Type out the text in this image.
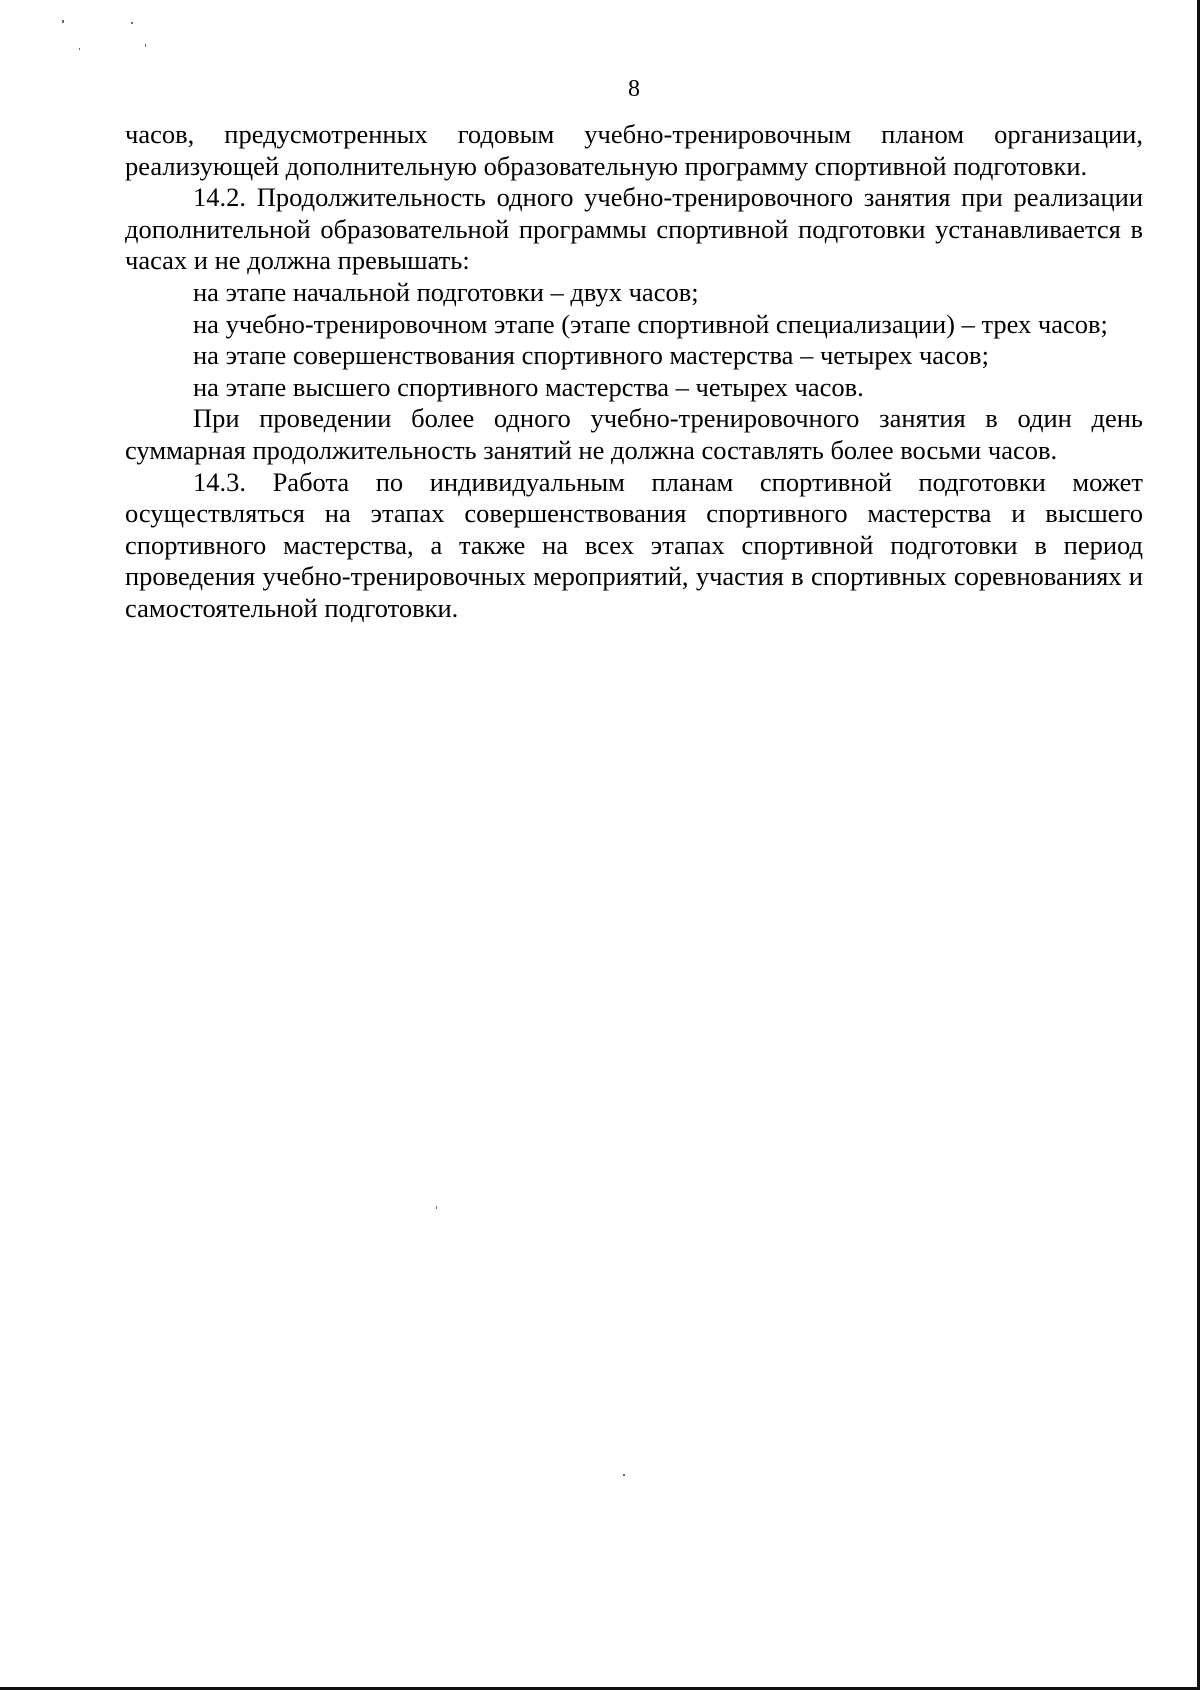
8

часов, предусмотренных годовым учебно-тренировочным планом организации, реализующей дополнительную образовательную программу спортивной подготовки.

14.2. Продолжительность одного учебно-тренировочного занятия при реализации дополнительной образовательной программы спортивной подготовки устанавливается в часах и не должна превышать:

на этапе начальной подготовки – двух часов;

на учебно-тренировочном этапе (этапе спортивной специализации) – трех часов;

на этапе совершенствования спортивного мастерства – четырех часов;

на этапе высшего спортивного мастерства – четырех часов.

При проведении более одного учебно-тренировочного занятия в один день суммарная продолжительность занятий не должна составлять более восьми часов.

14.3. Работа по индивидуальным планам спортивной подготовки может осуществляться на этапах совершенствования спортивного мастерства и высшего спортивного мастерства, а также на всех этапах спортивной подготовки в период проведения учебно-тренировочных мероприятий, участия в спортивных соревнованиях и самостоятельной подготовки.
